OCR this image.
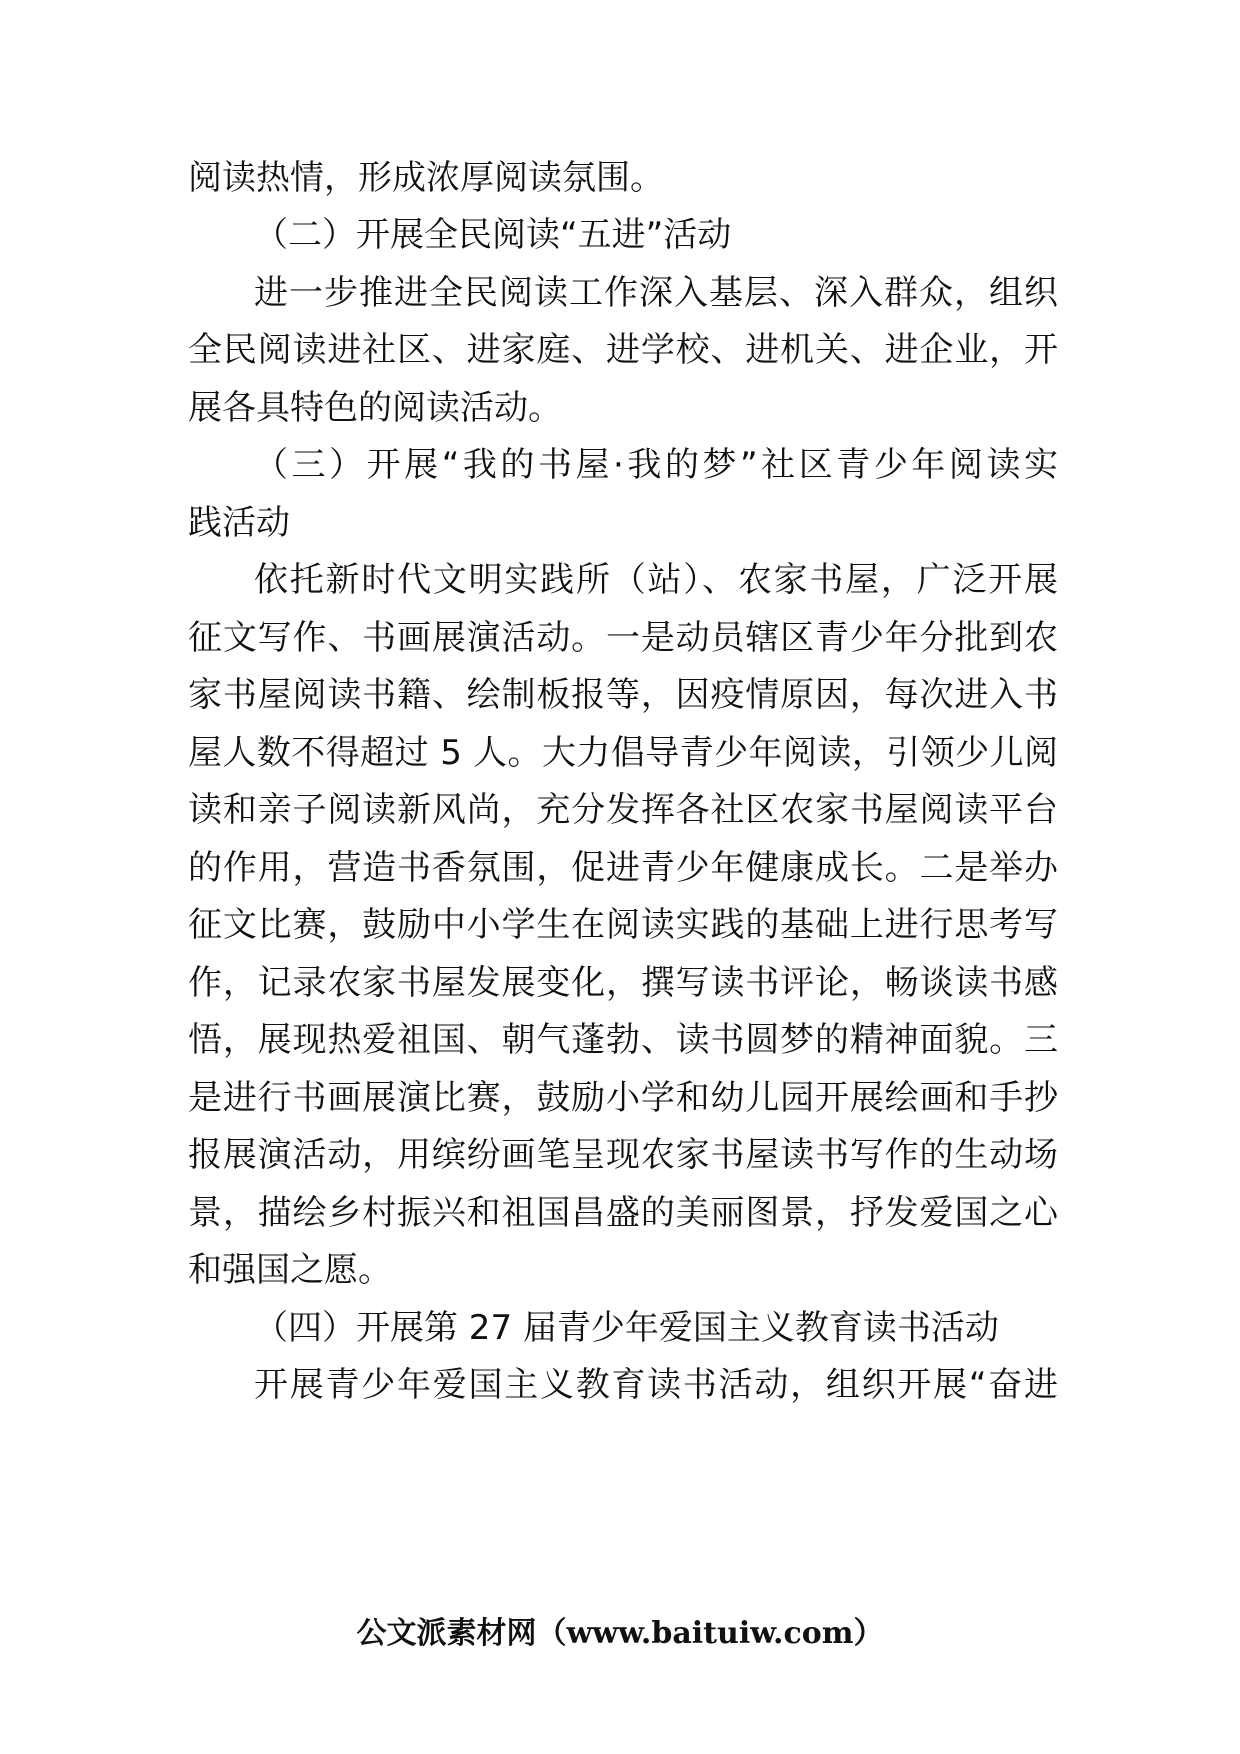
阅读热情，形成浓厚阅读氛围。
（二）开展全民阅读“五进”活动
进一步推进全民阅读工作深入基层、深入群众，组织
全民阅读进社区、进家庭、进学校、进机关、进企业，开
展各具特色的阅读活动。
（三）开展“我的书屋·我的梦”社区青少年阅读实
践活动
依托新时代文明实践所（站）、农家书屋，广泛开展
征文写作、书画展演活动。一是动员辖区青少年分批到农
家书屋阅读书籍、绘制板报等，因疫情原因，每次进入书
屋人数不得超过 5 人。大力倡导青少年阅读，引领少儿阅
读和亲子阅读新风尚，充分发挥各社区农家书屋阅读平台
的作用，营造书香氛围，促进青少年健康成长。二是举办
征文比赛，鼓励中小学生在阅读实践的基础上进行思考写
作，记录农家书屋发展变化，撰写读书评论，畅谈读书感
悟，展现热爱祖国、朝气蓬勃、读书圆梦的精神面貌。三
是进行书画展演比赛，鼓励小学和幼儿园开展绘画和手抄
报展演活动，用缤纷画笔呈现农家书屋读书写作的生动场
景，描绘乡村振兴和祖国昌盛的美丽图景，抒发爱国之心
和强国之愿。
（四）开展第 27 届青少年爱国主义教育读书活动
开展青少年爱国主义教育读书活动，组织开展“奋进
公文派素材网（www.baituiw.com）
